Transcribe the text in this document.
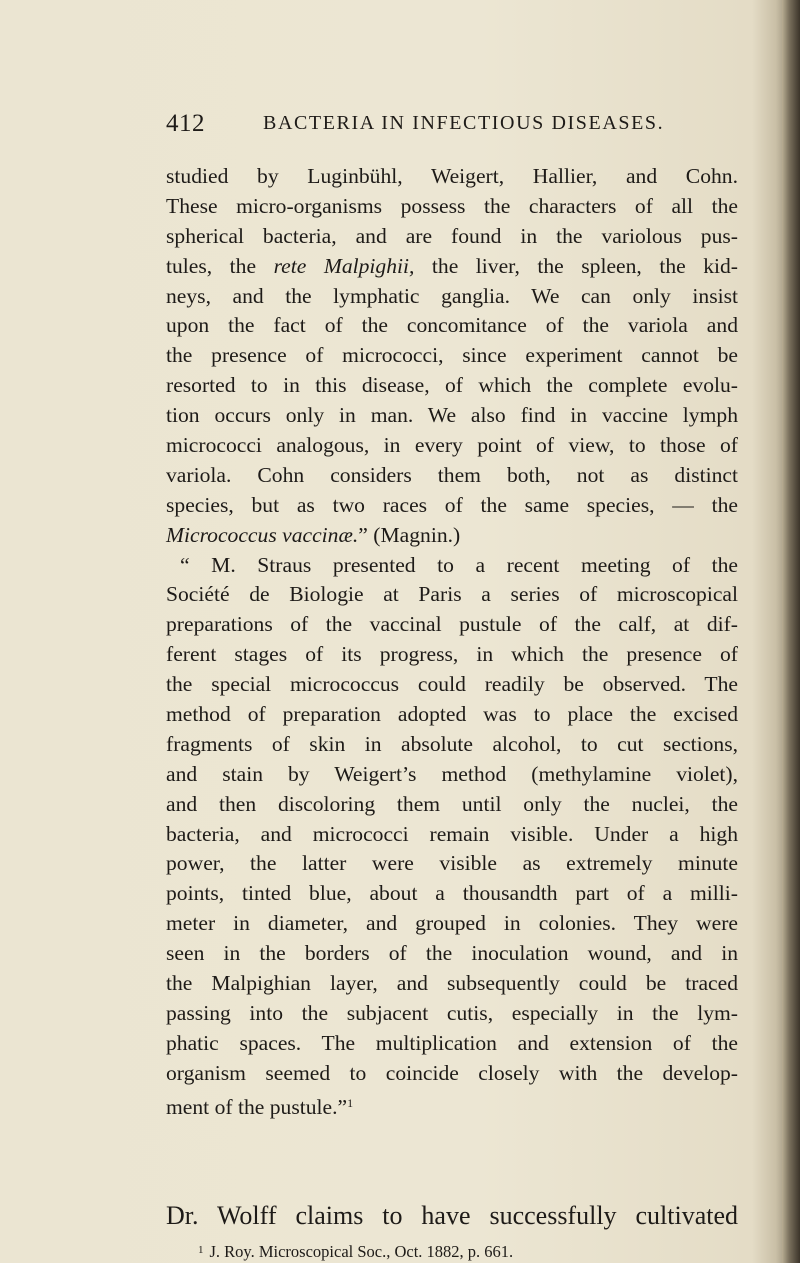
412	BACTERIA IN INFECTIOUS DISEASES.
studied by Luginbühl, Weigert, Hallier, and Cohn.
These micro-organisms possess the characters of all the
spherical bacteria, and are found in the variolous pus-
tules, the rete Malpighii, the liver, the spleen, the kid-
neys, and the lymphatic ganglia. We can only insist
upon the fact of the concomitance of the variola and
the presence of micrococci, since experiment cannot be
resorted to in this disease, of which the complete evolu-
tion occurs only in man. We also find in vaccine lymph
micrococci analogous, in every point of view, to those of
variola. Cohn considers them both, not as distinct
species, but as two races of the same species, — the
Micrococcus vaccinæ.” (Magnin.)
“ M. Straus presented to a recent meeting of the
Société de Biologie at Paris a series of microscopical
preparations of the vaccinal pustule of the calf, at dif-
ferent stages of its progress, in which the presence of
the special micrococcus could readily be observed. The
method of preparation adopted was to place the excised
fragments of skin in absolute alcohol, to cut sections,
and stain by Weigert’s method (methylamine violet),
and then discoloring them until only the nuclei, the
bacteria, and micrococci remain visible. Under a high
power, the latter were visible as extremely minute
points, tinted blue, about a thousandth part of a milli-
meter in diameter, and grouped in colonies. They were
seen in the borders of the inoculation wound, and in
the Malpighian layer, and subsequently could be traced
passing into the subjacent cutis, especially in the lym-
phatic spaces. The multiplication and extension of the
organism seemed to coincide closely with the develop-
ment of the pustule.”$^1$
Dr. Wolff claims to have successfully cultivated
$^1$ J. Roy. Microscopical Soc., Oct. 1882, p. 661.
